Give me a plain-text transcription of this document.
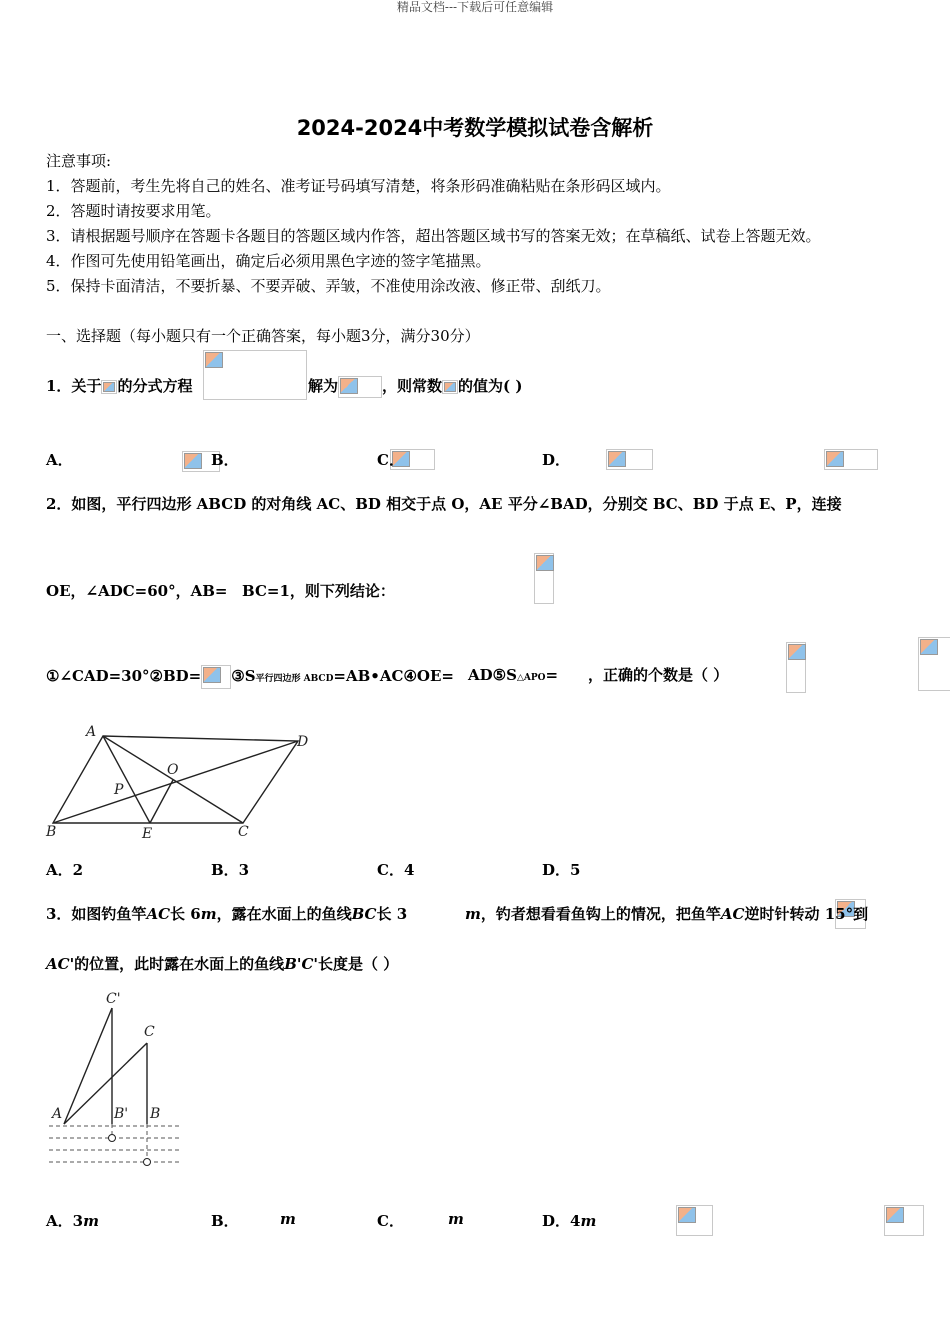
精品文档---下载后可任意编辑
2024-2024中考数学模拟试卷含解析
注意事项:
1．答题前，考生先将自己的姓名、准考证号码填写清楚，将条形码准确粘贴在条形码区域内。
2．答题时请按要求用笔。
3．请根据题号顺序在答题卡各题目的答题区域内作答，超出答题区域书写的答案无效；在草稿纸、试卷上答题无效。
4．作图可先使用铅笔画出，确定后必须用黑色字迹的签字笔描黑。
5．保持卡面清洁，不要折暴、不要弄破、弄皱，不准使用涂改液、修正带、刮纸刀。
一、选择题（每小题只有一个正确答案，每小题3分，满分30分）
1．关于 的分式方程
	解为	，则常数 的值为( )
A．
	B．
	C．
	D．

2．如图，平行四边形 ABCD 的对角线 AC、BD 相交于点 O，AE 平分∠BAD，分别交 BC、BD 于点 E、P，连接
OE，∠ADC=60°，AB=
BC=1，则下列结论：
①∠CAD=30°②BD= ③S平行四边形 ABCD=AB•AC④OE=
AD⑤S△APO=
，正确的个数是（ ）
A
D
O
P
B	E	C
A．2	B．3	C．4	D．5
3．如图钓鱼竿AC长 6m，露在水面上的鱼线BC长 3
	m，钓者想看看鱼钩上的情况，把鱼竿AC逆时针转动 15°到
AC'的位置，此时露在水面上的鱼线B'C'长度是（ ）
C'
C
A	B' B
A．3m	B．
	m	C．	m	D．4m
